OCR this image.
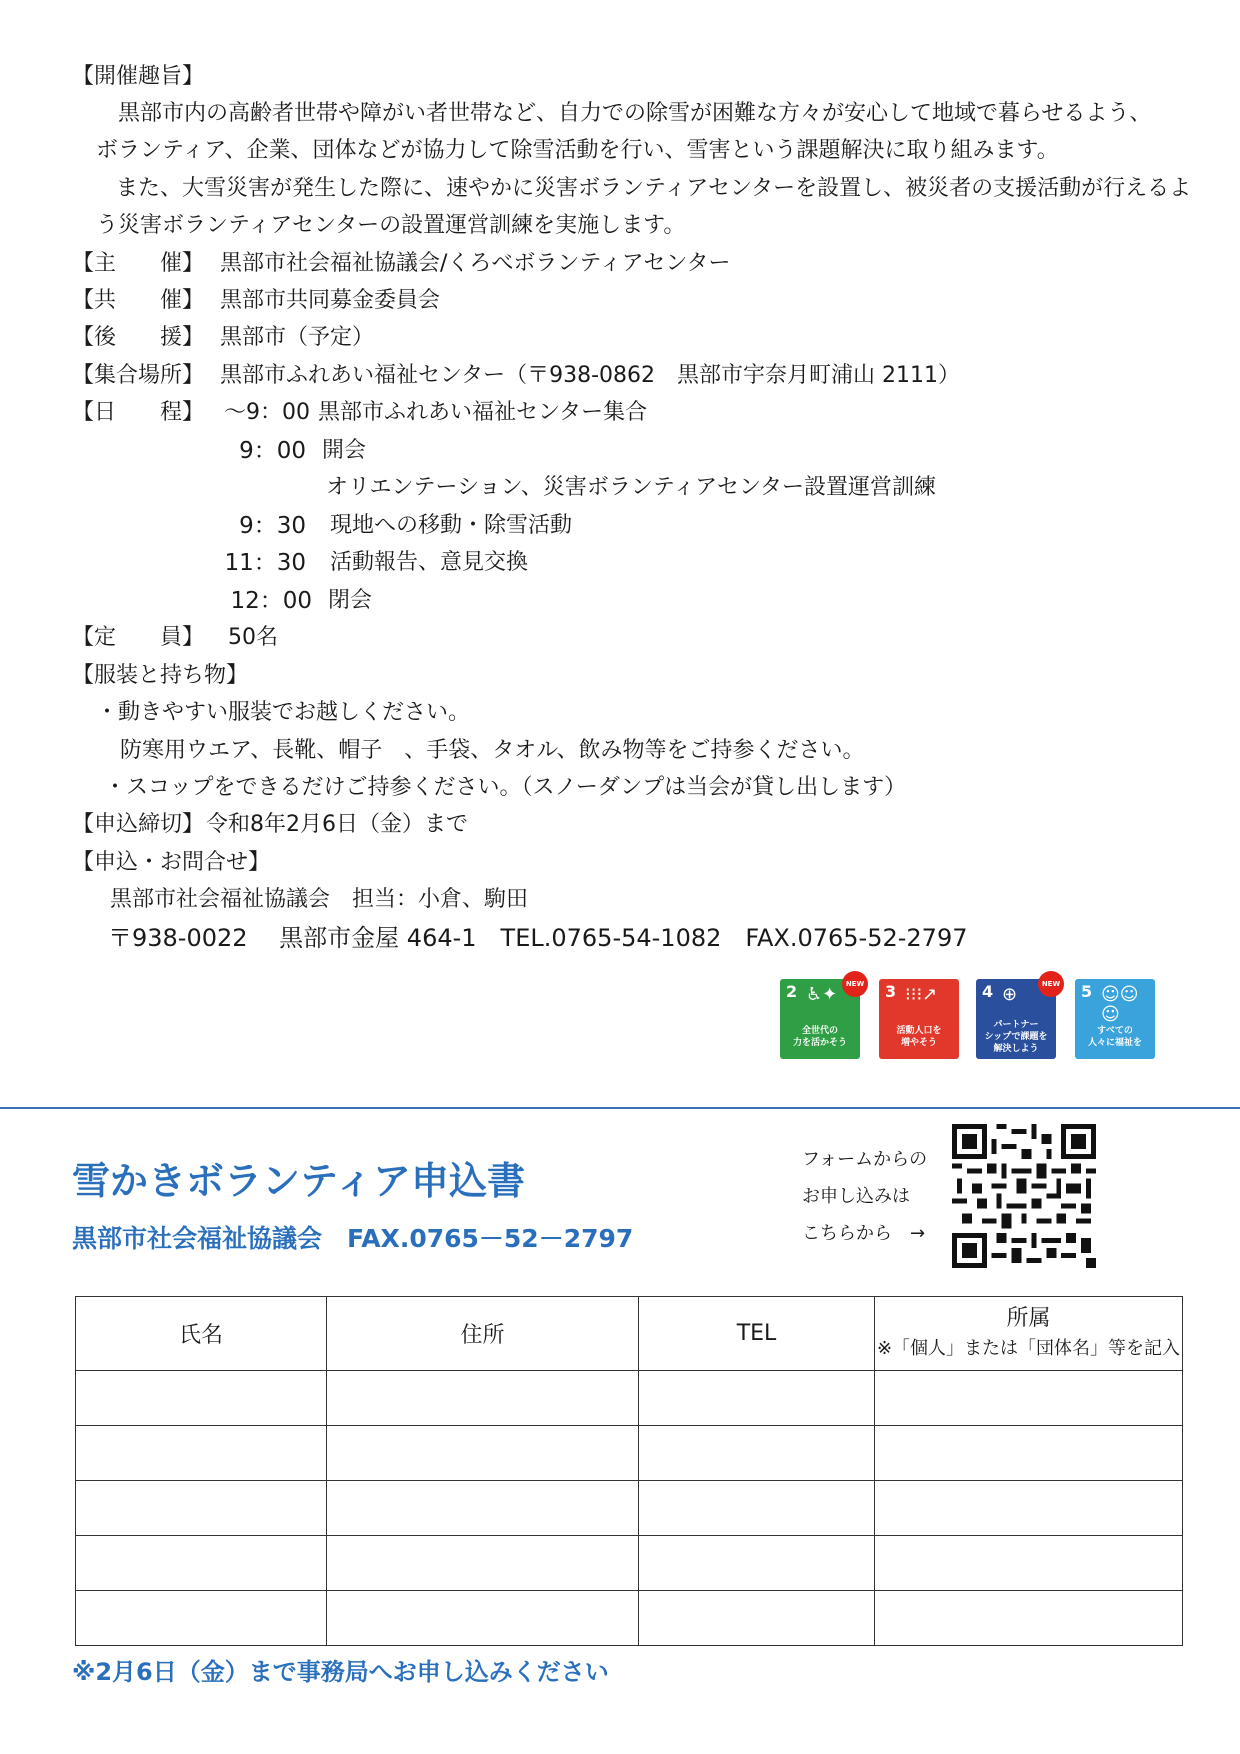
【開催趣旨】
黒部市内の高齢者世帯や障がい者世帯など、自力での除雪が困難な方々が安心して地域で暮らせるよう、
ボランティア、企業、団体などが協力して除雪活動を行い、雪害という課題解決に取り組みます。
また、大雪災害が発生した際に、速やかに災害ボランティアセンターを設置し、被災者の支援活動が行えるよ
う災害ボランティアセンターの設置運営訓練を実施します。
【主　　催】 黒部市社会福祉協議会/くろべボランティアセンター
【共　　催】 黒部市共同募金委員会
【後　　援】 黒部市（予定）
【集合場所】 黒部市ふれあい福祉センター（〒938-0862　黒部市宇奈月町浦山 2111）
【日　　程】 ～9：00 黒部市ふれあい福祉センター集合
9：00 開会
オリエンテーション、災害ボランティアセンター設置運営訓練
9：30 現地への移動・除雪活動
11：30 活動報告、意見交換
12：00 閉会
【定　　員】 50名
【服装と持ち物】
・動きやすい服装でお越しください。
防寒用ウエア、長靴、帽子　、手袋、タオル、飲み物等をご持参ください。
・スコップをできるだけご持参ください。（スノーダンプは当会が貸し出します）
【申込締切】 令和8年2月6日（金）まで
【申込・お問合せ】
黒部市社会福祉協議会　担当：小倉、駒田
〒938-0022　 黒部市金屋 464-1　TEL.0765-54-1082　FAX.0765-52-2797
2 ♿✦
全世代の
力を活かそう
NEW 3 ⁝⁝⁝↗
活動人口を
増やそう
4 ⊕
パートナー
シップで課題を
解決しよう
NEW 5 ☺☺☺
すべての
人々に福祉を
雪かきボランティア申込書
黒部市社会福祉協議会　FAX.0765－52－2797
フォームからの
お申し込みは
こちらから　→
氏名	住所	TEL	所属
※「個人」または「団体名」等を記入

※2月6日（金）まで事務局へお申し込みください
